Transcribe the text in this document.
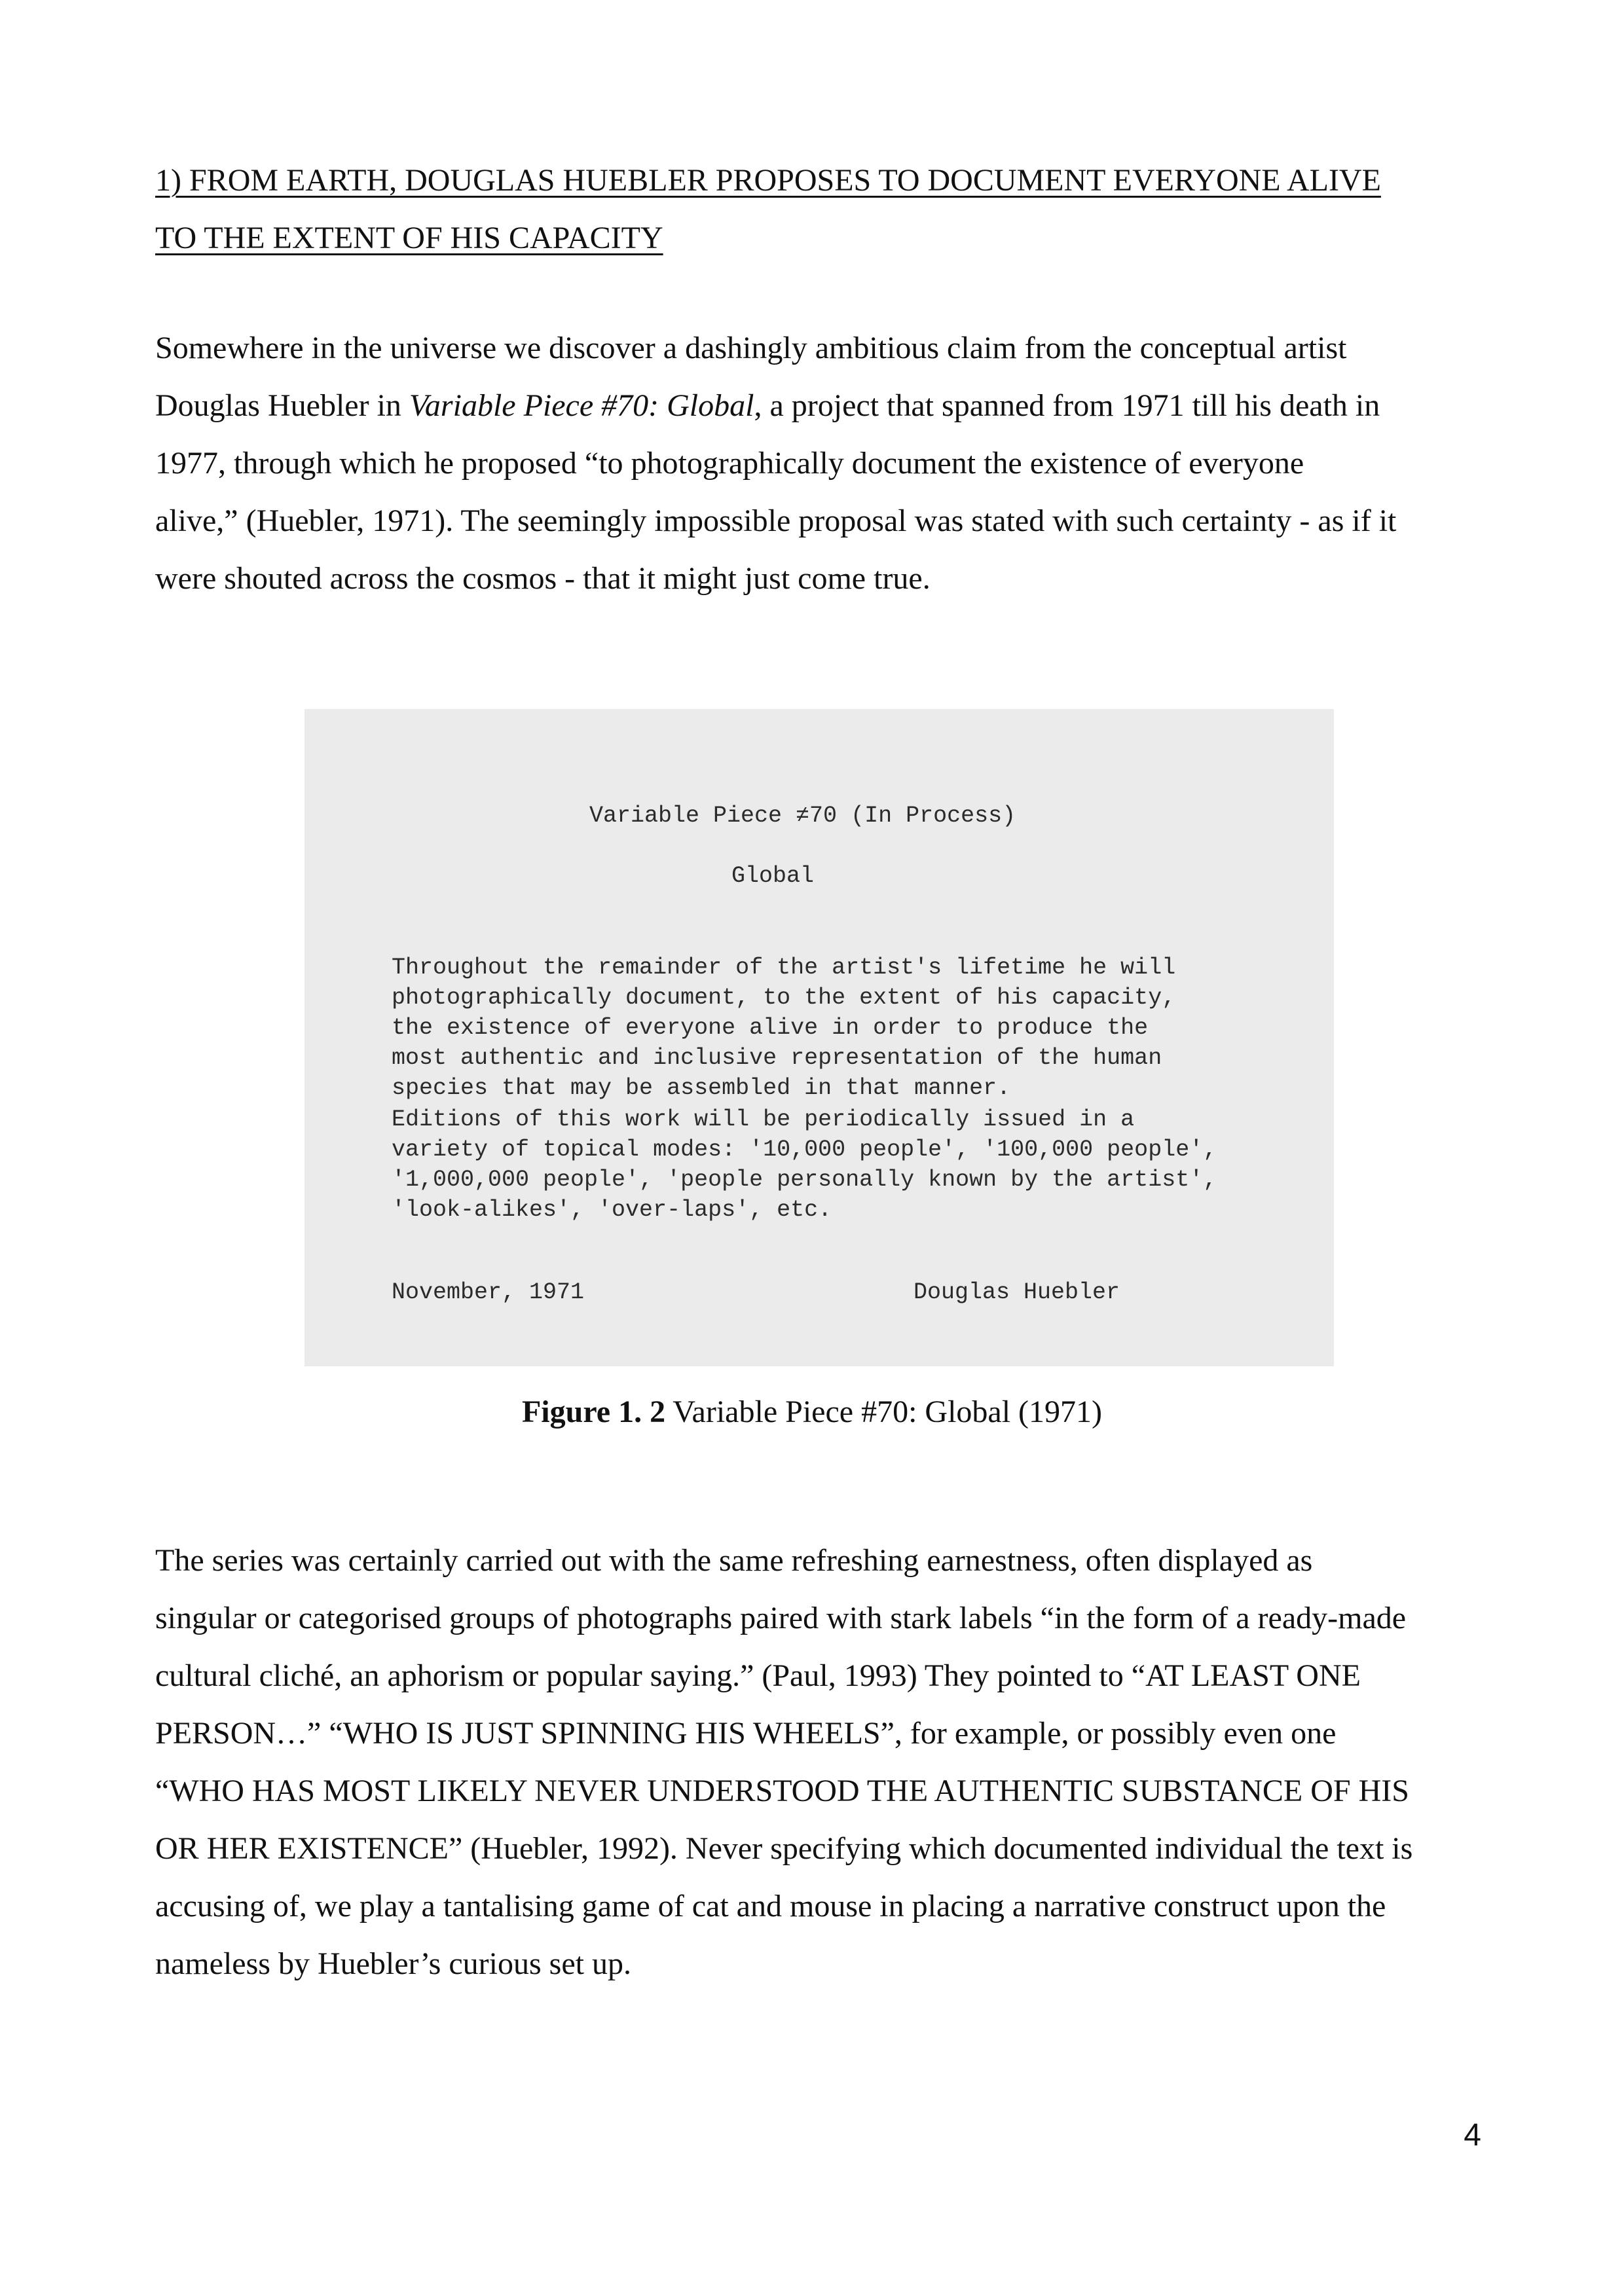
1) FROM EARTH, DOUGLAS HUEBLER PROPOSES TO DOCUMENT EVERYONE ALIVE
TO THE EXTENT OF HIS CAPACITY

Somewhere in the universe we discover a dashingly ambitious claim from the conceptual artist
Douglas Huebler in Variable Piece #70: Global, a project that spanned from 1971 till his death in
1977, through which he proposed “to photographically document the existence of everyone
alive,” (Huebler, 1971). The seemingly impossible proposal was stated with such certainty - as if it
were shouted across the cosmos - that it might just come true.

Variable Piece ≠70 (In Process)
Global
Throughout the remainder of the artist's lifetime he will
photographically document, to the extent of his capacity,
the existence of everyone alive in order to produce the
most authentic and inclusive representation of the human
species that may be assembled in that manner.
Editions of this work will be periodically issued in a
variety of topical modes: '10,000 people', '100,000 people',
'1,000,000 people', 'people personally known by the artist',
'look-alikes', 'over-laps', etc.
November, 1971	Douglas Huebler

Figure 1. 2 Variable Piece #70: Global (1971)

The series was certainly carried out with the same refreshing earnestness, often displayed as
singular or categorised groups of photographs paired with stark labels “in the form of a ready-made
cultural cliché, an aphorism or popular saying.” (Paul, 1993) They pointed to “AT LEAST ONE
PERSON…” “WHO IS JUST SPINNING HIS WHEELS”, for example, or possibly even one
“WHO HAS MOST LIKELY NEVER UNDERSTOOD THE AUTHENTIC SUBSTANCE OF HIS
OR HER EXISTENCE” (Huebler, 1992). Never specifying which documented individual the text is
accusing of, we play a tantalising game of cat and mouse in placing a narrative construct upon the
nameless by Huebler’s curious set up.

4
